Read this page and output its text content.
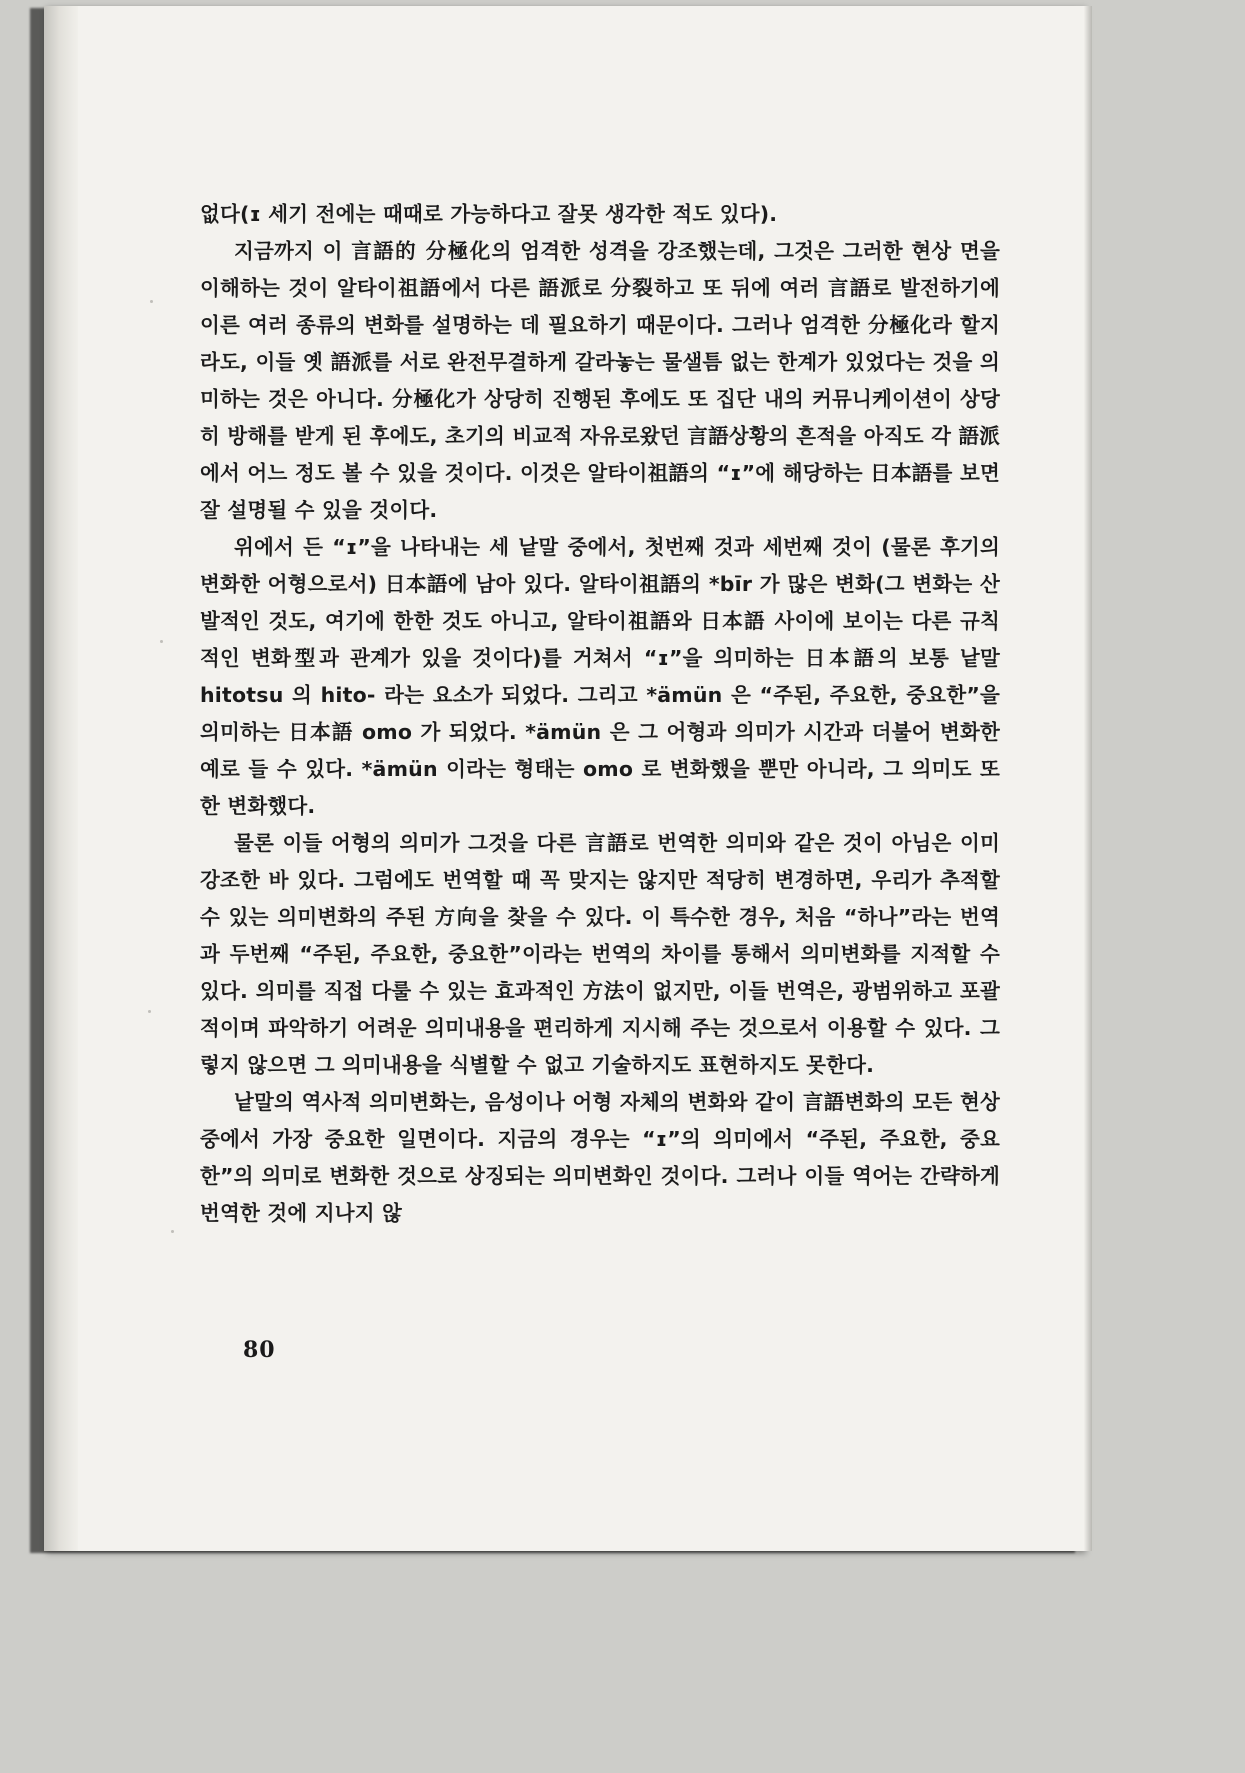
없다(ɪ 세기 전에는 때때로 가능하다고 잘못 생각한 적도 있다).

지금까지 이 言語的 分極化의 엄격한 성격을 강조했는데, 그것은 그러한 현상 면을 이해하는 것이 알타이祖語에서 다른 語派로 分裂하고 또 뒤에 여러 言語로 발전하기에 이른 여러 종류의 변화를 설명하는 데 필요하기 때문이다. 그러나 엄격한 分極化라 할지라도, 이들 옛 語派를 서로 완전무결하게 갈라놓는 물샐틈 없는 한계가 있었다는 것을 의미하는 것은 아니다. 分極化가 상당히 진행된 후에도 또 집단 내의 커뮤니케이션이 상당히 방해를 받게 된 후에도, 초기의 비교적 자유로왔던 言語상황의 흔적을 아직도 각 語派에서 어느 정도 볼 수 있을 것이다. 이것은 알타이祖語의 “ɪ”에 해당하는 日本語를 보면 잘 설명될 수 있을 것이다.

위에서 든 “ɪ”을 나타내는 세 낱말 중에서, 첫번째 것과 세번째 것이 (물론 후기의 변화한 어형으로서) 日本語에 남아 있다. 알타이祖語의 *bīr 가 많은 변화(그 변화는 산발적인 것도, 여기에 한한 것도 아니고, 알타이祖語와 日本語 사이에 보이는 다른 규칙적인 변화型과 관계가 있을 것이다)를 거쳐서 “ɪ”을 의미하는 日本語의 보통 낱말 hitotsu 의 hito- 라는 요소가 되었다. 그리고 *ämün 은 “주된, 주요한, 중요한”을 의미하는 日本語 omo 가 되었다. *ämün 은 그 어형과 의미가 시간과 더불어 변화한 예로 들 수 있다. *ämün 이라는 형태는 omo 로 변화했을 뿐만 아니라, 그 의미도 또한 변화했다.

물론 이들 어형의 의미가 그것을 다른 言語로 번역한 의미와 같은 것이 아님은 이미 강조한 바 있다. 그럼에도 번역할 때 꼭 맞지는 않지만 적당히 변경하면, 우리가 추적할 수 있는 의미변화의 주된 方向을 찾을 수 있다. 이 특수한 경우, 처음 “하나”라는 번역과 두번째 “주된, 주요한, 중요한”이라는 번역의 차이를 통해서 의미변화를 지적할 수 있다. 의미를 직접 다룰 수 있는 효과적인 方法이 없지만, 이들 번역은, 광범위하고 포괄적이며 파악하기 어려운 의미내용을 편리하게 지시해 주는 것으로서 이용할 수 있다. 그렇지 않으면 그 의미내용을 식별할 수 없고 기술하지도 표현하지도 못한다.

낱말의 역사적 의미변화는, 음성이나 어형 자체의 변화와 같이 言語변화의 모든 현상 중에서 가장 중요한 일면이다. 지금의 경우는 “ɪ”의 의미에서 “주된, 주요한, 중요한”의 의미로 변화한 것으로 상징되는 의미변화인 것이다. 그러나 이들 역어는 간략하게 번역한 것에 지나지 않

80
